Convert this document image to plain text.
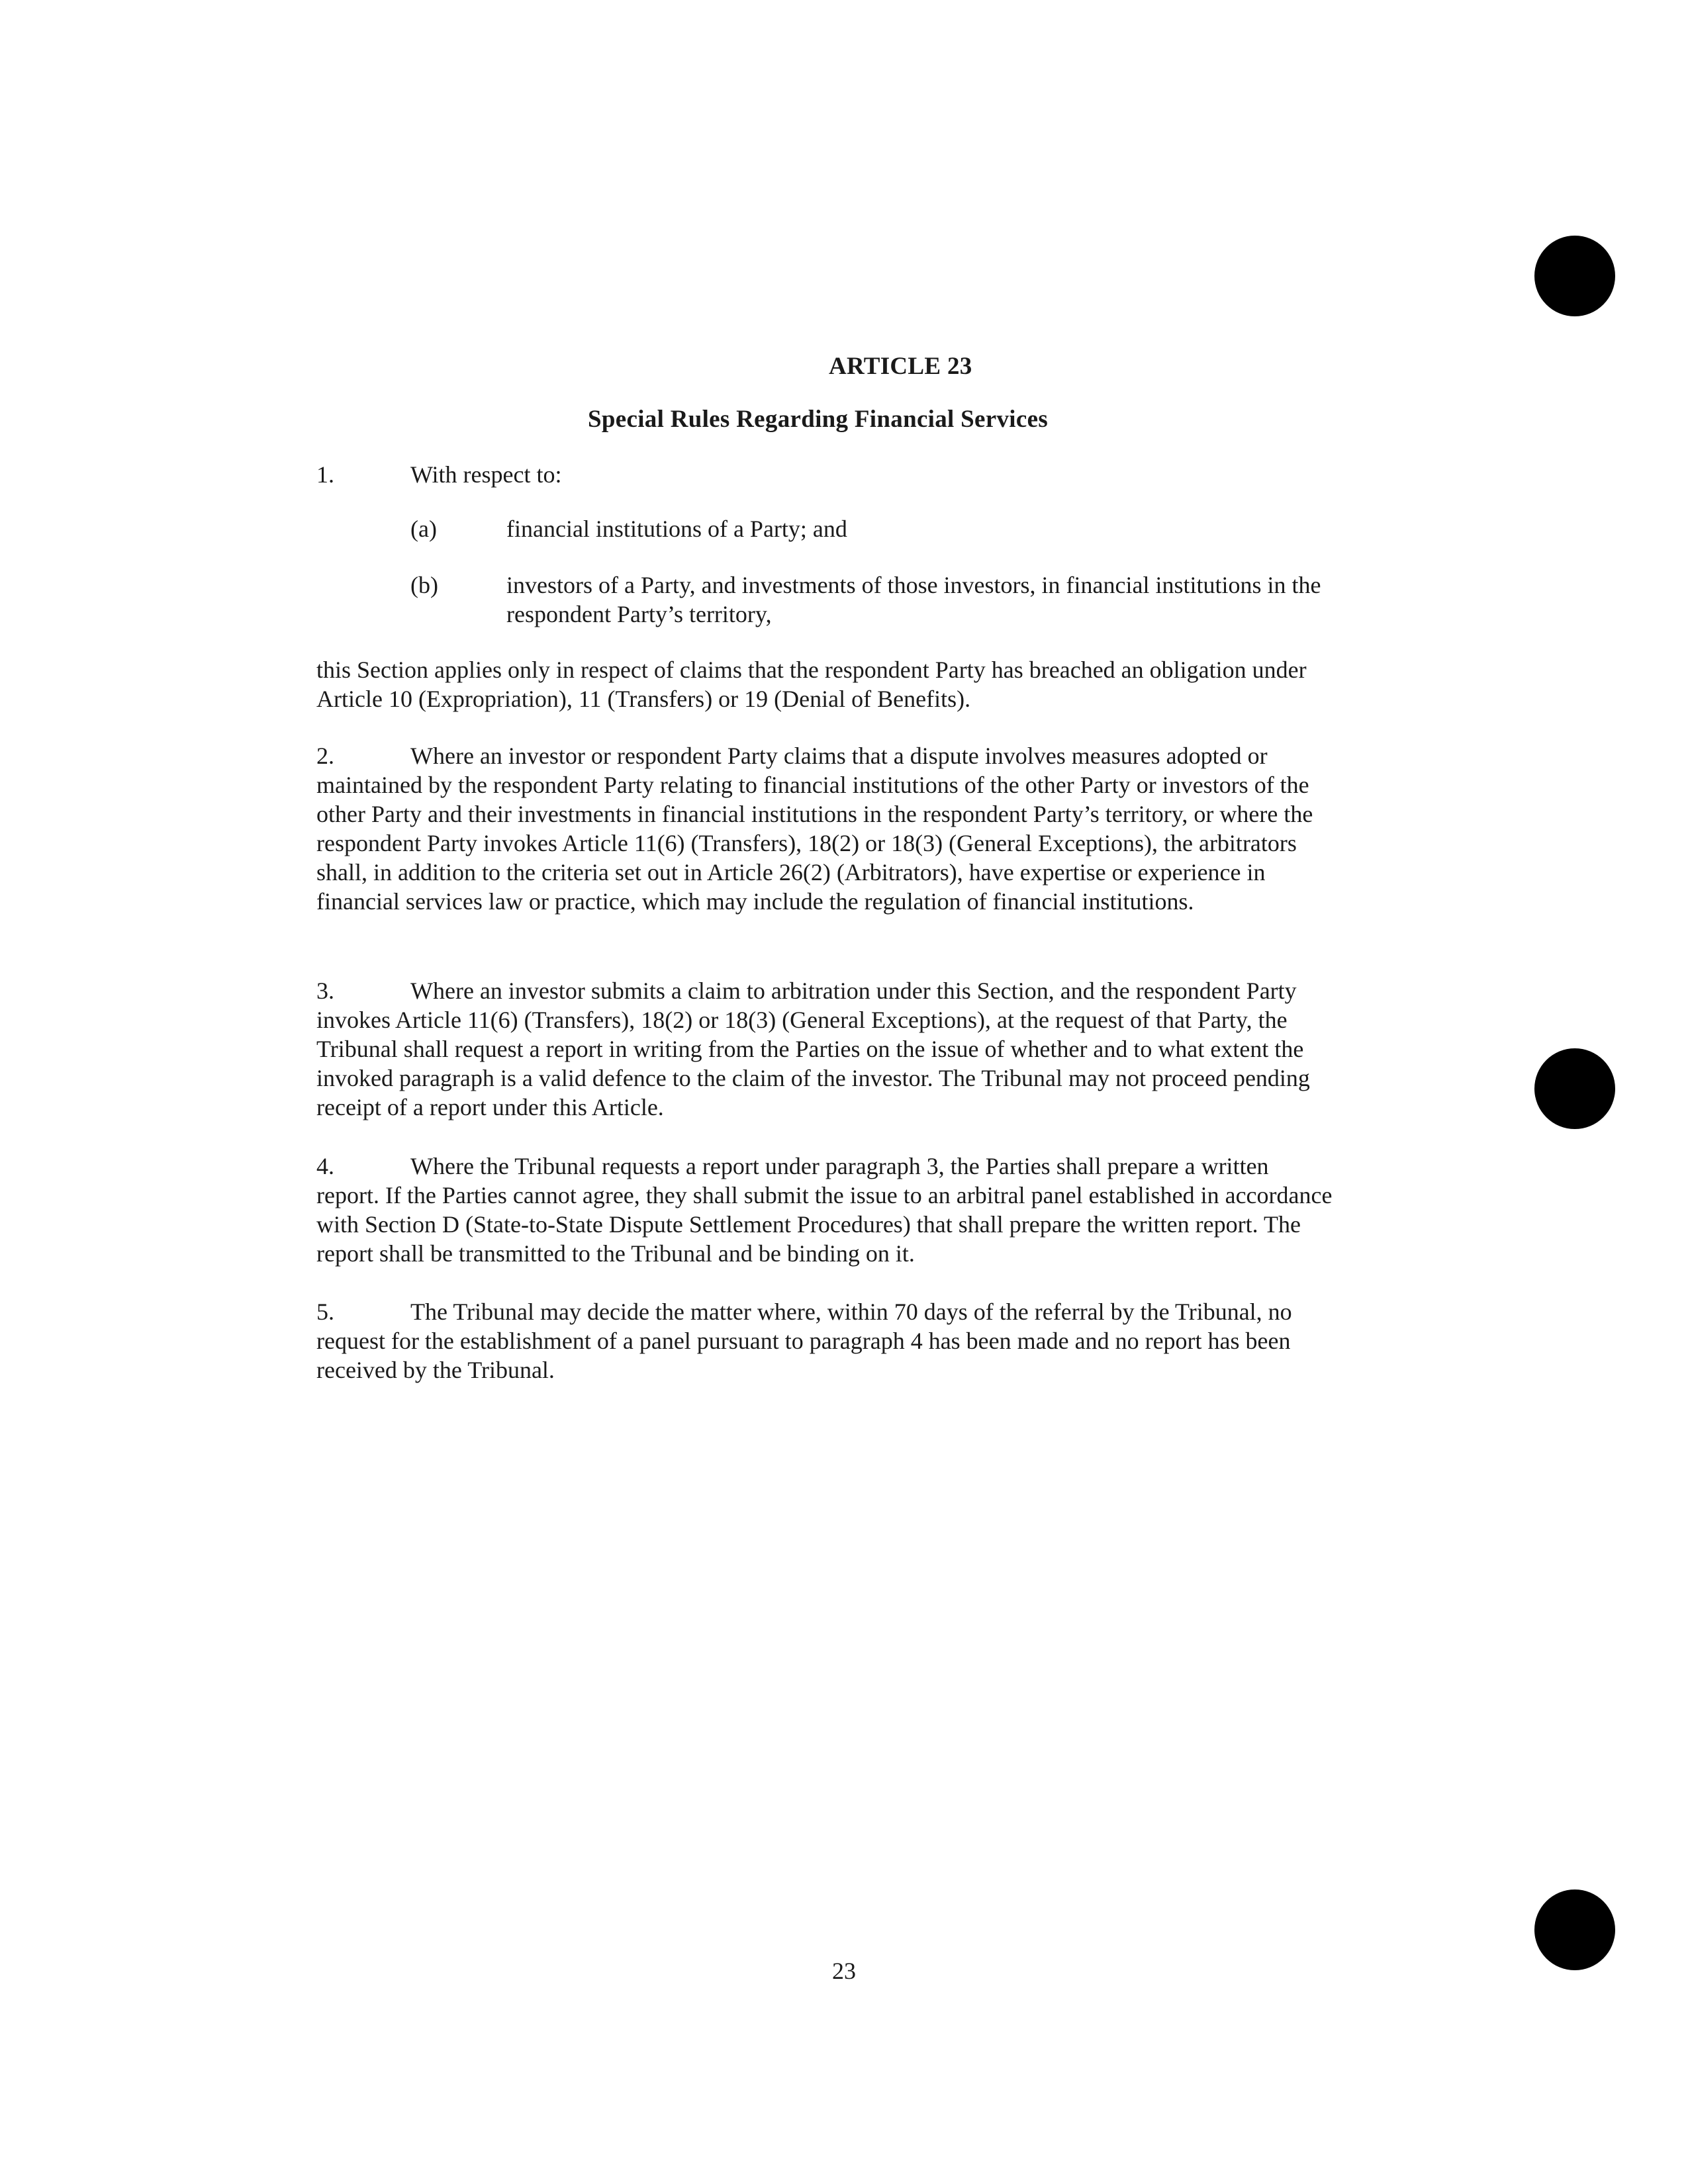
ARTICLE 23
Special Rules Regarding Financial Services
1.	With respect to:
(a)	financial institutions of a Party; and
(b)	investors of a Party, and investments of those investors, in financial institutions in the respondent Party’s territory,
this Section applies only in respect of claims that the respondent Party has breached an obligation under Article 10 (Expropriation), 11 (Transfers) or 19 (Denial of Benefits).
2.	Where an investor or respondent Party claims that a dispute involves measures adopted or maintained by the respondent Party relating to financial institutions of the other Party or investors of the other Party and their investments in financial institutions in the respondent Party’s territory, or where the respondent Party invokes Article 11(6) (Transfers), 18(2) or 18(3) (General Exceptions), the arbitrators shall, in addition to the criteria set out in Article 26(2) (Arbitrators), have expertise or experience in financial services law or practice, which may include the regulation of financial institutions.
3.	Where an investor submits a claim to arbitration under this Section, and the respondent Party invokes Article 11(6) (Transfers), 18(2) or 18(3) (General Exceptions), at the request of that Party, the Tribunal shall request a report in writing from the Parties on the issue of whether and to what extent the invoked paragraph is a valid defence to the claim of the investor. The Tribunal may not proceed pending receipt of a report under this Article.
4.	Where the Tribunal requests a report under paragraph 3, the Parties shall prepare a written report. If the Parties cannot agree, they shall submit the issue to an arbitral panel established in accordance with Section D (State-to-State Dispute Settlement Procedures) that shall prepare the written report. The report shall be transmitted to the Tribunal and be binding on it.
5.	The Tribunal may decide the matter where, within 70 days of the referral by the Tribunal, no request for the establishment of a panel pursuant to paragraph 4 has been made and no report has been received by the Tribunal.
23
